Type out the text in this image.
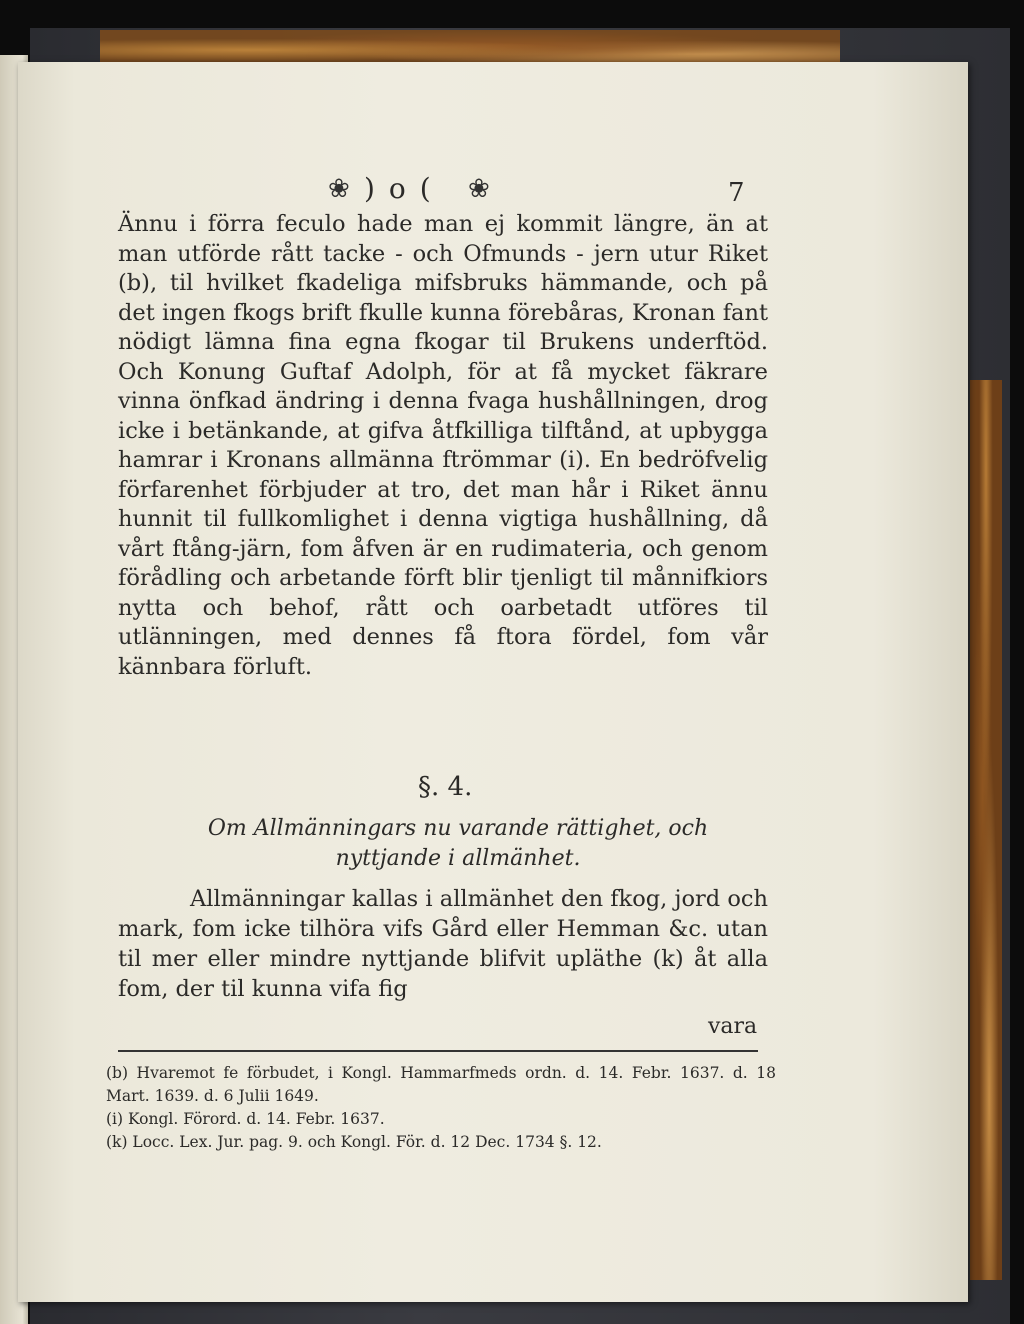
❀ )o( ❀	7

Ännu i förra feculo hade man ej kommit längre, än at man utförde rått tacke - och Ofmunds - jern utur Riket (b), til hvilket fkadeliga mifsbruks hämmande, och på det ingen fkogs brift fkulle kunna förebåras, Kronan fant nödigt lämna fina egna fkogar til Brukens underftöd. Och Konung Guftaf Adolph, för at få mycket fäkrare vinna önfkad ändring i denna fvaga hushållningen, drog icke i betänkande, at gifva åtfkilliga tilftånd, at upbygga hamrar i Kronans allmänna ftrömmar (i). En bedröfvelig förfarenhet förbjuder at tro, det man hår i Riket ännu hunnit til fullkomlighet i denna vigtiga hushållning, då vårt ftång-järn, fom åfven är en rudimateria, och genom förådling och arbetande förft blir tjenligt til månnifkiors nytta och behof, rått och oarbetadt utföres til utlänningen, med dennes få ftora fördel, fom vår kännbara förluft.

§. 4.
Om Allmänningars nu varande rättighet, och nyttjande i allmänhet.
Allmänningar kallas i allmänhet den fkog, jord och mark, fom icke tilhöra vifs Gård eller Hemman &c. utan til mer eller mindre nyttjande blifvit upläthe (k) åt alla fom, der til kunna vifa fig
vara
(b) Hvaremot fe förbudet, i Kongl. Hammarfmeds ordn. d. 14. Febr. 1637. d. 18 Mart. 1639. d. 6 Julii 1649.
(i) Kongl. Förord. d. 14. Febr. 1637.
(k) Locc. Lex. Jur. pag. 9. och Kongl. För. d. 12 Dec. 1734 §. 12.
